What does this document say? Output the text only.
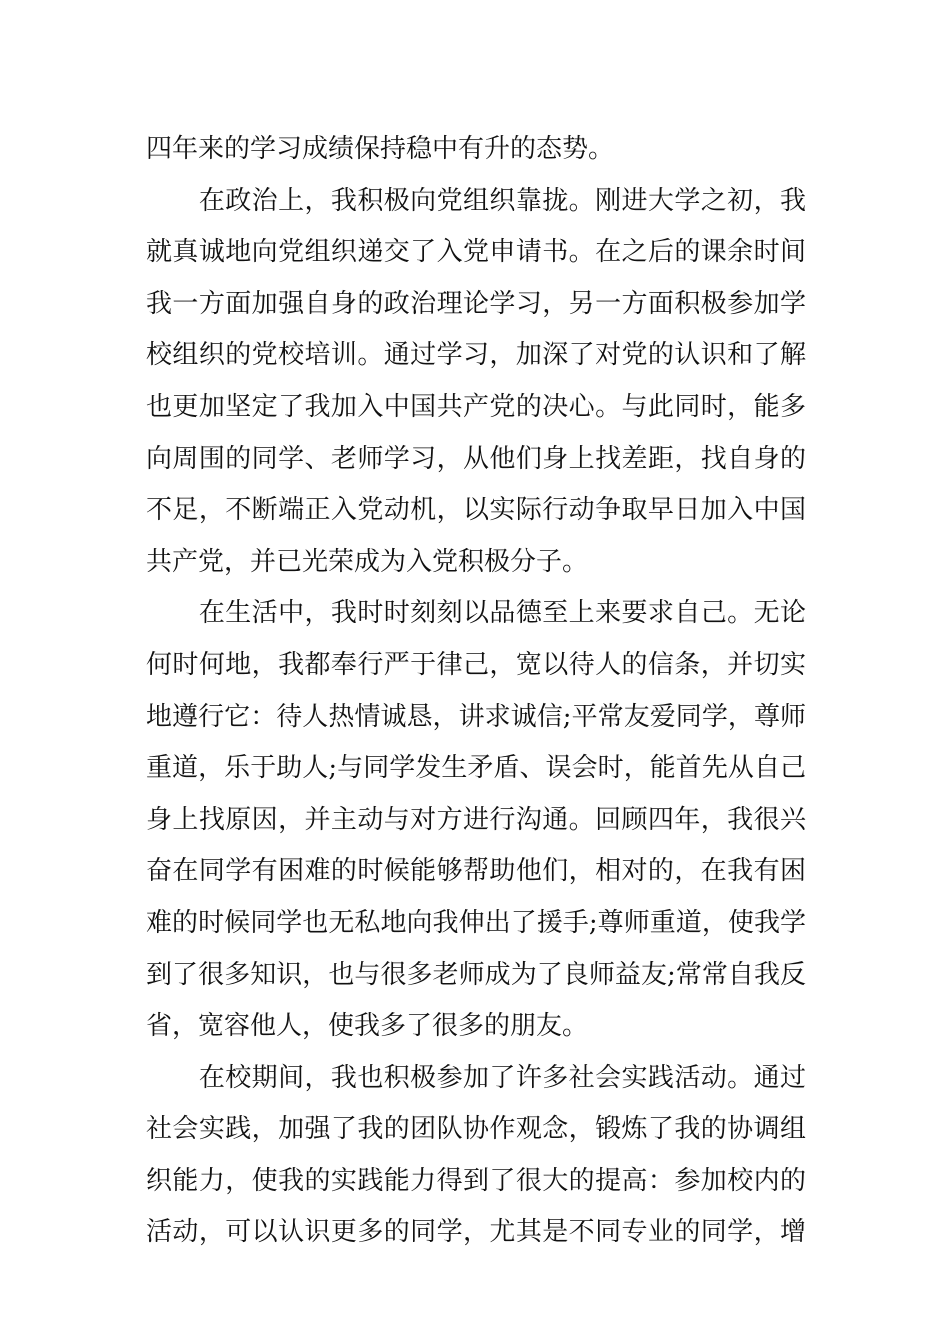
四年来的学习成绩保持稳中有升的态势。
　　在政治上，我积极向党组织靠拢。刚进大学之初，我
就真诚地向党组织递交了入党申请书。在之后的课余时间
我一方面加强自身的政治理论学习，另一方面积极参加学
校组织的党校培训。通过学习，加深了对党的认识和了解
也更加坚定了我加入中国共产党的决心。与此同时，能多
向周围的同学、老师学习，从他们身上找差距，找自身的
不足，不断端正入党动机，以实际行动争取早日加入中国
共产党，并已光荣成为入党积极分子。
　　在生活中，我时时刻刻以品德至上来要求自己。无论
何时何地，我都奉行严于律己，宽以待人的信条，并切实
地遵行它：待人热情诚恳，讲求诚信;平常友爱同学，尊师
重道，乐于助人;与同学发生矛盾、误会时，能首先从自己
身上找原因，并主动与对方进行沟通。回顾四年，我很兴
奋在同学有困难的时候能够帮助他们，相对的，在我有困
难的时候同学也无私地向我伸出了援手;尊师重道，使我学
到了很多知识，也与很多老师成为了良师益友;常常自我反
省，宽容他人，使我多了很多的朋友。
　　在校期间，我也积极参加了许多社会实践活动。通过
社会实践，加强了我的团队协作观念，锻炼了我的协调组
织能力，使我的实践能力得到了很大的提高：参加校内的
活动，可以认识更多的同学，尤其是不同专业的同学，增
